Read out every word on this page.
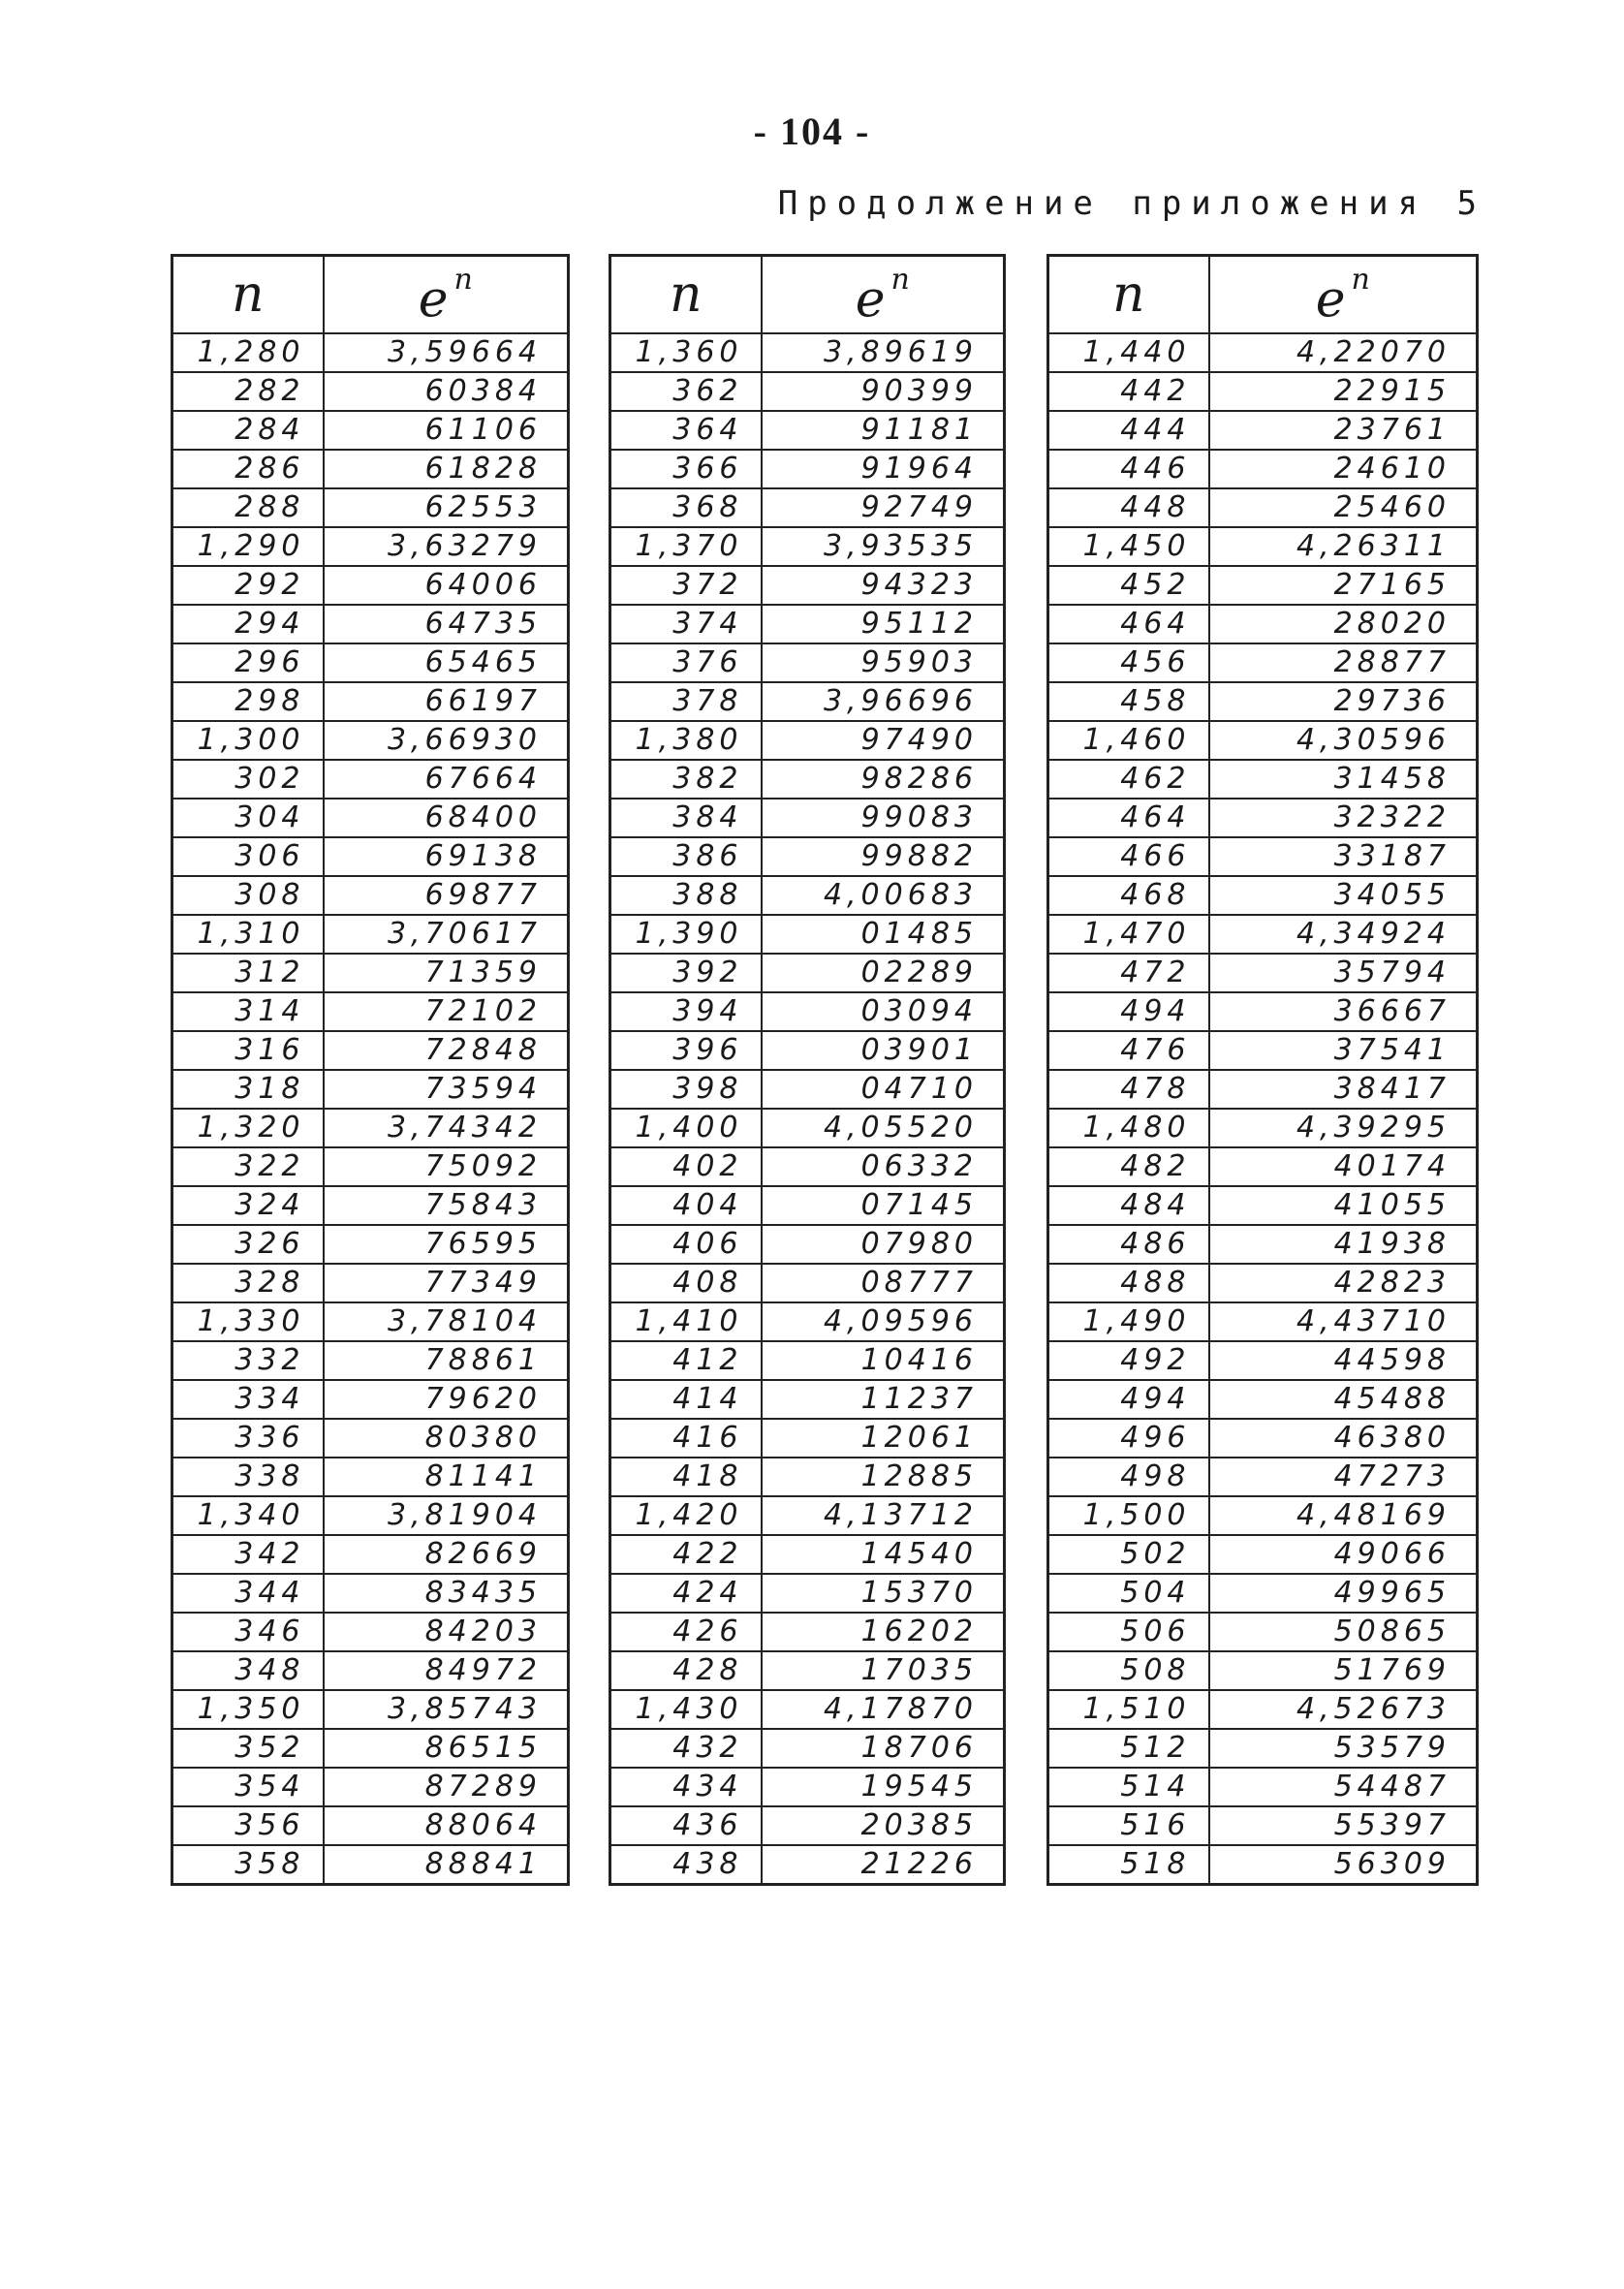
- 104 -
Продолжение приложения 5
n	e $^n$
1,280	3,59664
282	60384
284	61106
286	61828
288	62553
1,290	3,63279
292	64006
294	64735
296	65465
298	66197
1,300	3,66930
302	67664
304	68400
306	69138
308	69877
1,310	3,70617
312	71359
314	72102
316	72848
318	73594
1,320	3,74342
322	75092
324	75843
326	76595
328	77349
1,330	3,78104
332	78861
334	79620
336	80380
338	81141
1,340	3,81904
342	82669
344	83435
346	84203
348	84972
1,350	3,85743
352	86515
354	87289
356	88064
358	88841
n	e $^n$
1,360	3,89619
362	90399
364	91181
366	91964
368	92749
1,370	3,93535
372	94323
374	95112
376	95903
378	3,96696
1,380	97490
382	98286
384	99083
386	99882
388	4,00683
1,390	01485
392	02289
394	03094
396	03901
398	04710
1,400	4,05520
402	06332
404	07145
406	07980
408	08777
1,410	4,09596
412	10416
414	11237
416	12061
418	12885
1,420	4,13712
422	14540
424	15370
426	16202
428	17035
1,430	4,17870
432	18706
434	19545
436	20385
438	21226
n	e $^n$
1,440	4,22070
442	22915
444	23761
446	24610
448	25460
1,450	4,26311
452	27165
464	28020
456	28877
458	29736
1,460	4,30596
462	31458
464	32322
466	33187
468	34055
1,470	4,34924
472	35794
494	36667
476	37541
478	38417
1,480	4,39295
482	40174
484	41055
486	41938
488	42823
1,490	4,43710
492	44598
494	45488
496	46380
498	47273
1,500	4,48169
502	49066
504	49965
506	50865
508	51769
1,510	4,52673
512	53579
514	54487
516	55397
518	56309
